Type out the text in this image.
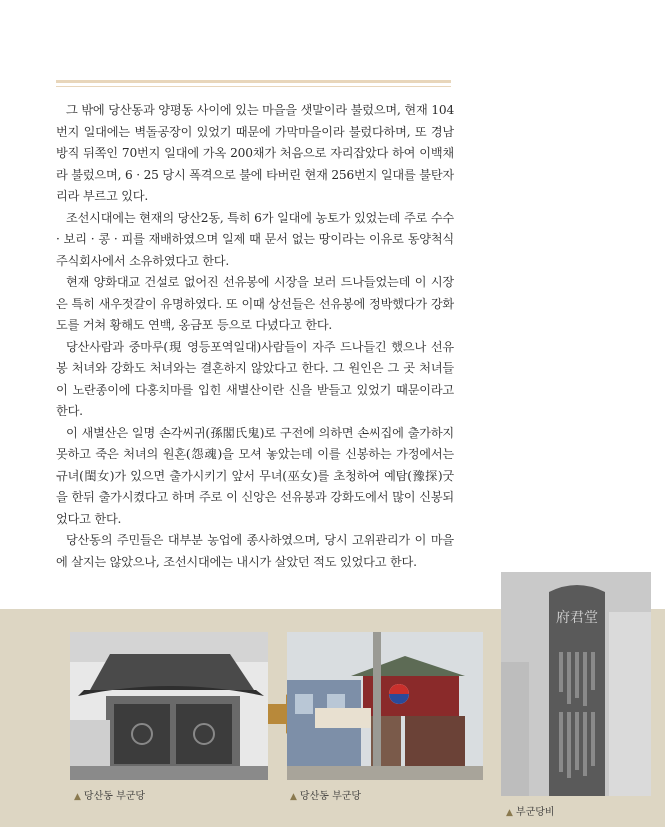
그 밖에 당산동과 양평동 사이에 있는 마을을 샛말이라 불렀으며, 현재 104번지 일대에는 벽돌공장이 있었기 때문에 가막마을이라 불렀다하며, 또 경남방직 뒤쪽인 70번지 일대에 가옥 200채가 처음으로 자리잡았다 하여 이백채라 불렀으며, 6 · 25 당시 폭격으로 불에 타버린 현재 256번지 일대를 불탄자리라 부르고 있다.

조선시대에는 현재의 당산2동, 특히 6가 일대에 농토가 있었는데 주로 수수 · 보리 · 콩 · 피를 재배하였으며 일제 때 문서 없는 땅이라는 이유로 동양척식주식회사에서 소유하였다고 한다.

현재 양화대교 건설로 없어진 선유봉에 시장을 보러 드나들었는데 이 시장은 특히 새우젓갈이 유명하였다. 또 이때 상선들은 선유봉에 정박했다가 강화도를 거쳐 황해도 연백, 옹금포 등으로 다녔다고 한다.

당산사람과 중마루(現 영등포역일대)사람들이 자주 드나들긴 했으나 선유봉 처녀와 강화도 처녀와는 결혼하지 않았다고 한다. 그 원인은 그 곳 처녀들이 노란종이에 다홍치마를 입힌 새별산이란 신을 받들고 있었기 때문이라고 한다.

이 새별산은 일명 손각씨귀(孫閣氏鬼)로 구전에 의하면 손씨집에 출가하지 못하고 죽은 처녀의 원혼(怨魂)을 모셔 놓았는데 이를 신봉하는 가정에서는 규녀(閨女)가 있으면 출가시키기 앞서 무녀(巫女)를 초청하여 예탐(豫探)굿을 한뒤 출가시켰다고 하며 주로 이 신앙은 선유봉과 강화도에서 많이 신봉되었다고 한다.

당산동의 주민들은 대부분 농업에 종사하였으며, 당시 고위관리가 이 마을에 살지는 않았으나, 조선시대에는 내시가 살았던 적도 있었다고 한다.

▲ 당산동 부군당	▲ 당산동 부군당
府君堂
▲ 부군당비
